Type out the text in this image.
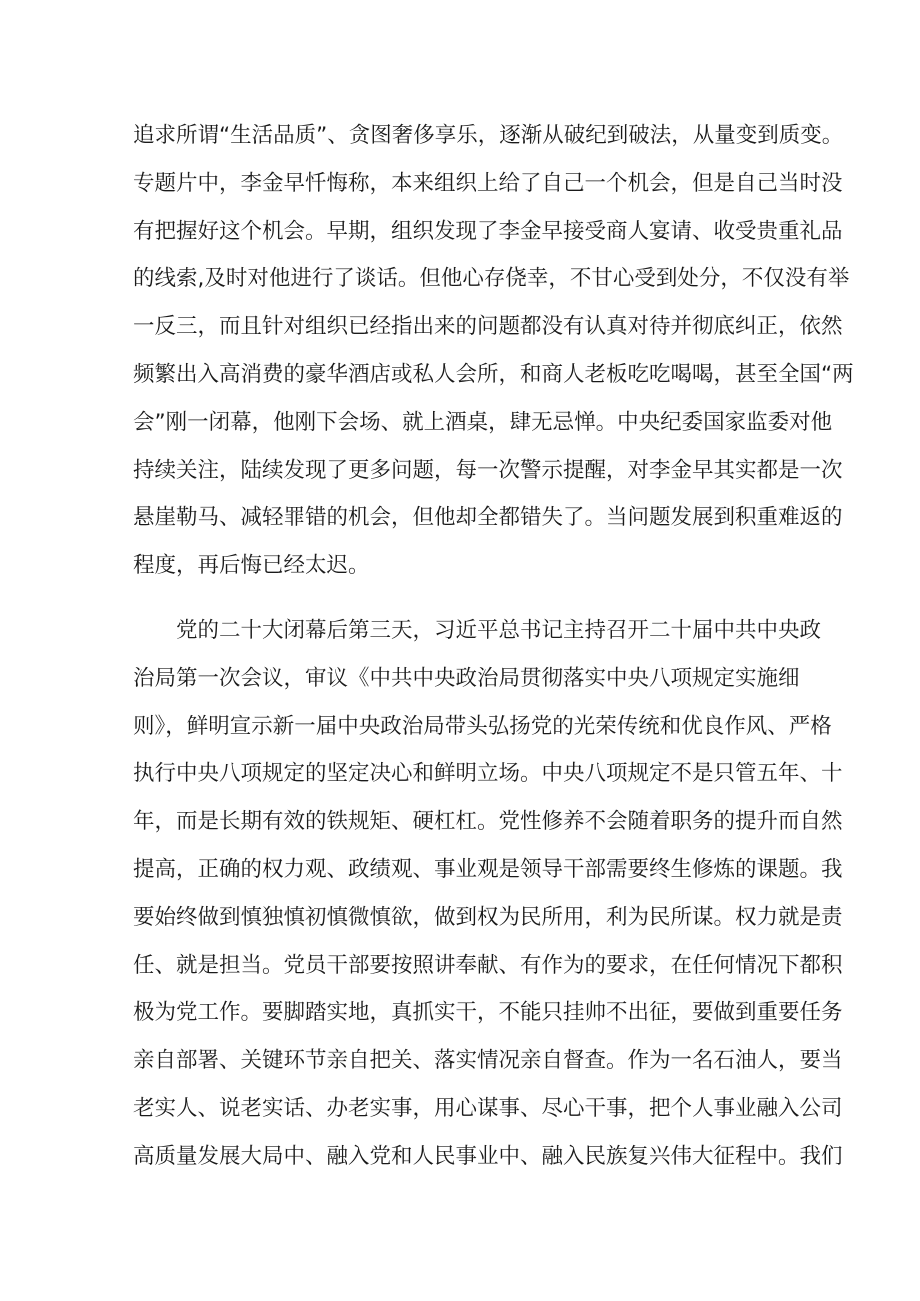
追求所谓“生活品质”、贪图奢侈享乐，逐渐从破纪到破法，从量变到质变。
专题片中，李金早忏悔称，本来组织上给了自己一个机会，但是自己当时没
有把握好这个机会。早期，组织发现了李金早接受商人宴请、收受贵重礼品
的线索,及时对他进行了谈话。但他心存侥幸，不甘心受到处分，不仅没有举
一反三，而且针对组织已经指出来的问题都没有认真对待并彻底纠正，依然
频繁出入高消费的豪华酒店或私人会所，和商人老板吃吃喝喝，甚至全国“两
会”刚一闭幕，他刚下会场、就上酒桌，肆无忌惮。中央纪委国家监委对他
持续关注，陆续发现了更多问题，每一次警示提醒，对李金早其实都是一次
悬崖勒马、减轻罪错的机会，但他却全都错失了。当问题发展到积重难返的
程度，再后悔已经太迟。
党的二十大闭幕后第三天，习近平总书记主持召开二十届中共中央政
治局第一次会议，审议《中共中央政治局贯彻落实中央八项规定实施细
则》，鲜明宣示新一届中央政治局带头弘扬党的光荣传统和优良作风、严格
执行中央八项规定的坚定决心和鲜明立场。中央八项规定不是只管五年、十
年，而是长期有效的铁规矩、硬杠杠。党性修养不会随着职务的提升而自然
提高，正确的权力观、政绩观、事业观是领导干部需要终生修炼的课题。我
要始终做到慎独慎初慎微慎欲，做到权为民所用，利为民所谋。权力就是责
任、就是担当。党员干部要按照讲奉献、有作为的要求，在任何情况下都积
极为党工作。要脚踏实地，真抓实干，不能只挂帅不出征，要做到重要任务
亲自部署、关键环节亲自把关、落实情况亲自督查。作为一名石油人，要当
老实人、说老实话、办老实事，用心谋事、尽心干事，把个人事业融入公司
高质量发展大局中、融入党和人民事业中、融入民族复兴伟大征程中。我们
